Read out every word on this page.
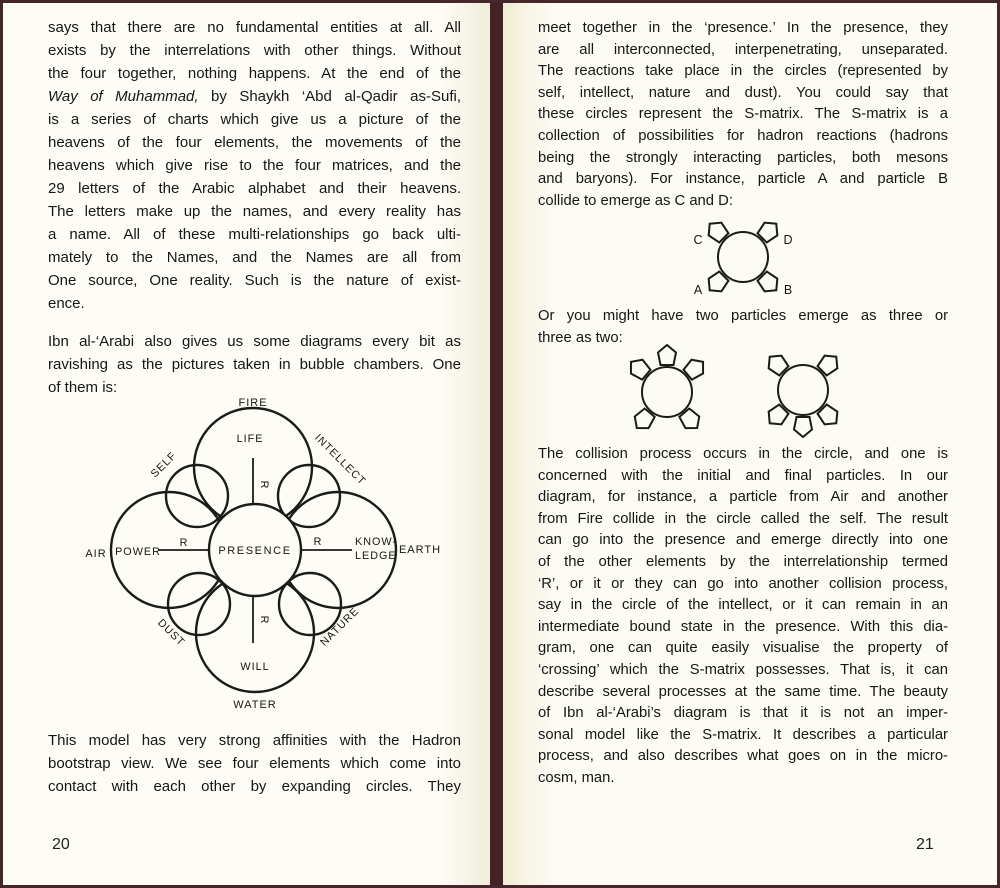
says that there are no fundamental entities at all. All
exists by the interrelations with other things. Without
the four together, nothing happens. At the end of the
Way of Muhammad, by Shaykh ‘Abd al-Qadir as-Sufi,
is a series of charts which give us a picture of the
heavens of the four elements, the movements of the
heavens which give rise to the four matrices, and the
29 letters of the Arabic alphabet and their heavens.
The letters make up the names, and every reality has
a name. All of these multi-relationships go back ulti-
mately to the Names, and the Names are all from
One source, One reality. Such is the nature of exist-
ence.
Ibn al-‘Arabi also gives us some diagrams every bit as
ravishing as the pictures taken in bubble chambers. One
of them is:
This model has very strong affinities with the Hadron
bootstrap view. We see four elements which come into
contact with each other by expanding circles. They
20
FIRE
LIFE
SELF	INTELLECT
AIR POWER	PRESENCE
KNOW-
LEDGE EARTH
DUST	NATURE
WILL
WATER
R
R
R	R
meet together in the ‘presence.’ In the presence, they
are all interconnected, interpenetrating, unseparated.
The reactions take place in the circles (represented by
self, intellect, nature and dust). You could say that
these circles represent the S-matrix. The S-matrix is a
collection of possibilities for hadron reactions (hadrons
being the strongly interacting particles, both mesons
and baryons). For instance, particle A and particle B
collide to emerge as C and D:
Or you might have two particles emerge as three or
three as two:
The collision process occurs in the circle, and one is
concerned with the initial and final particles. In our
diagram, for instance, a particle from Air and another
from Fire collide in the circle called the self. The result
can go into the presence and emerge directly into one
of the other elements by the interrelationship termed
‘R’, or it or they can go into another collision process,
say in the circle of the intellect, or it can remain in an
intermediate bound state in the presence. With this dia-
gram, one can quite easily visualise the property of
‘crossing’ which the S-matrix possesses. That is, it can
describe several processes at the same time. The beauty
of Ibn al-‘Arabi’s diagram is that it is not an imper-
sonal model like the S-matrix. It describes a particular
process, and also describes what goes on in the micro-
cosm, man.
21
C	D
A	B
